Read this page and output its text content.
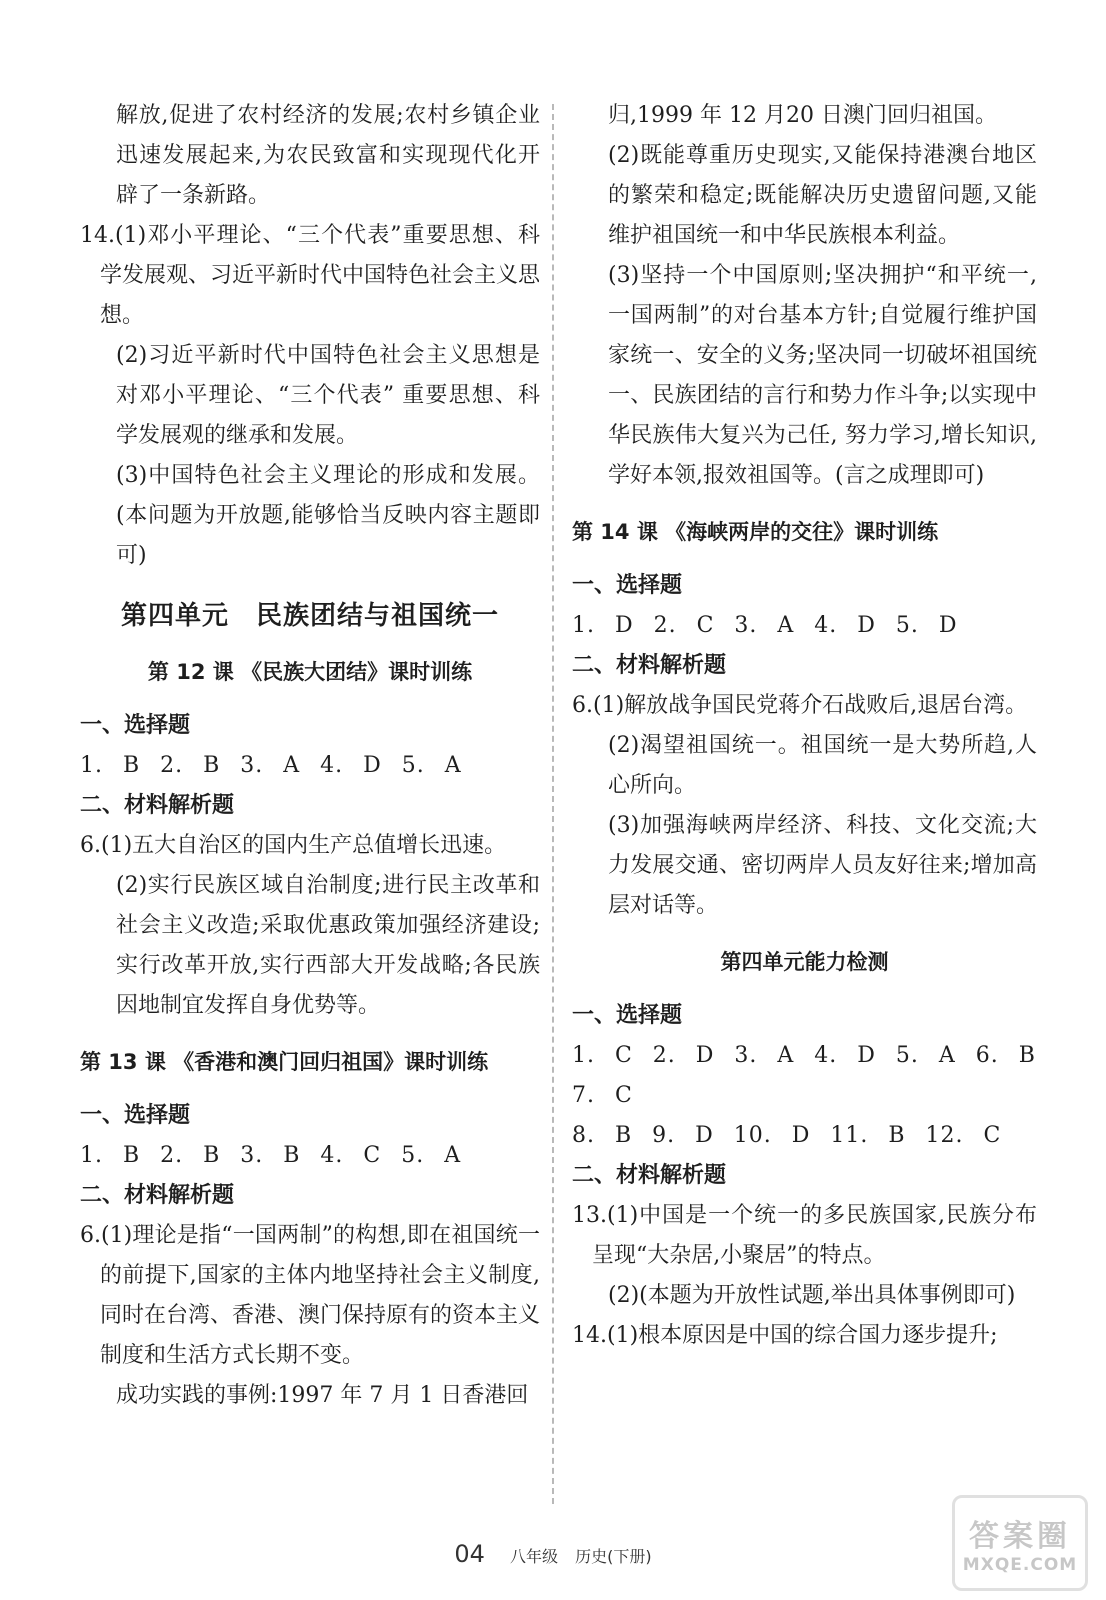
解放,促进了农村经济的发展;农村乡镇企业迅速发展起来,为农民致富和实现现代化开辟了一条新路。

14.(1)邓小平理论、“三个代表”重要思想、科学发展观、习近平新时代中国特色社会主义思想。

(2)习近平新时代中国特色社会主义思想是对邓小平理论、“三个代表” 重要思想、科学发展观的继承和发展。

(3)中国特色社会主义理论的形成和发展。(本问题为开放题,能够恰当反映内容主题即可)

第四单元　民族团结与祖国统一
第 12 课 《民族大团结》课时训练

一、选择题

1. B 2. B 3. A 4. D 5. A

二、材料解析题

6.(1)五大自治区的国内生产总值增长迅速。

(2)实行民族区域自治制度;进行民主改革和社会主义改造;采取优惠政策加强经济建设;实行改革开放,实行西部大开发战略;各民族因地制宜发挥自身优势等。

第 13 课 《香港和澳门回归祖国》课时训练

一、选择题

1. B 2. B 3. B 4. C 5. A

二、材料解析题

6.(1)理论是指“一国两制”的构想,即在祖国统一的前提下,国家的主体内地坚持社会主义制度,同时在台湾、香港、澳门保持原有的资本主义制度和生活方式长期不变。

成功实践的事例:1997 年 7 月 1 日香港回

归,1999 年 12 月20 日澳门回归祖国。

(2)既能尊重历史现实,又能保持港澳台地区的繁荣和稳定;既能解决历史遗留问题,又能维护祖国统一和中华民族根本利益。

(3)坚持一个中国原则;坚决拥护“和平统一,一国两制”的对台基本方针;自觉履行维护国家统一、安全的义务;坚决同一切破坏祖国统一、民族团结的言行和势力作斗争;以实现中华民族伟大复兴为己任, 努力学习,增长知识,学好本领,报效祖国等。(言之成理即可)

第 14 课 《海峡两岸的交往》课时训练

一、选择题

1. D 2. C 3. A 4. D 5. D

二、材料解析题

6.(1)解放战争国民党蒋介石战败后,退居台湾。

(2)渴望祖国统一。祖国统一是大势所趋,人心所向。

(3)加强海峡两岸经济、科技、文化交流;大力发展交通、密切两岸人员友好往来;增加高层对话等。

第四单元能力检测

一、选择题

1. C 2. D 3. A 4. D 5. A 6. B 7. C

8. B 9. D 10. D 11. B 12. C

二、材料解析题

13.(1)中国是一个统一的多民族国家,民族分布呈现“大杂居,小聚居”的特点。

(2)(本题为开放性试题,举出具体事例即可)

14.(1)根本原因是中国的综合国力逐步提升;

04 八年级 历史(下册)
答案圈
MXQE.COM
